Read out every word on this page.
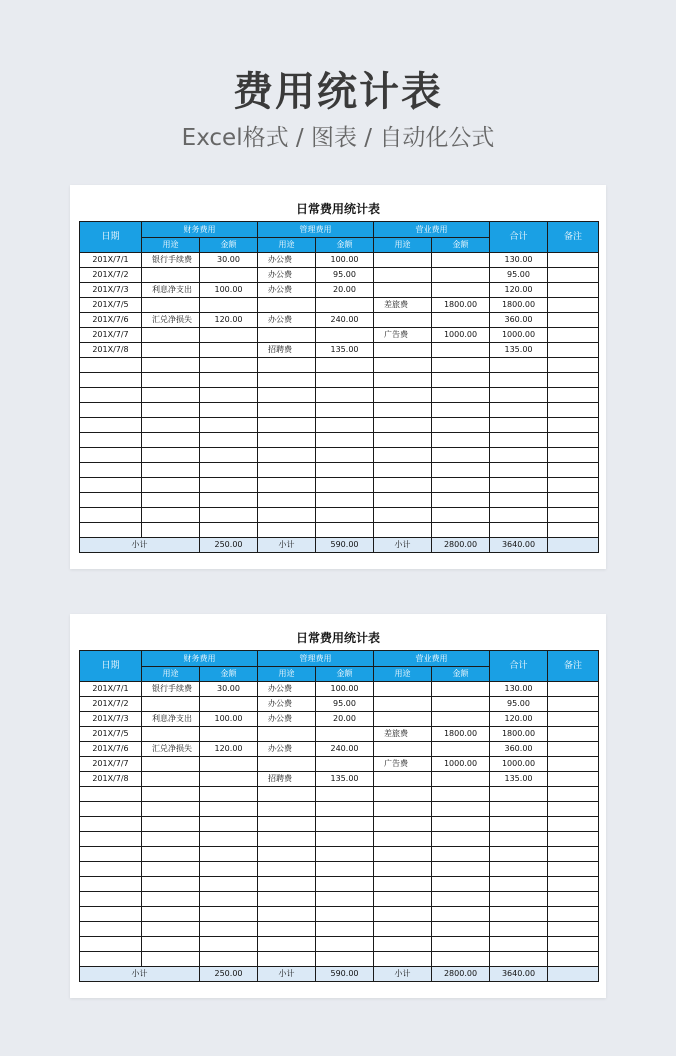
费用统计表
Excel格式 / 图表 / 自动化公式
日常费用统计表
日期	财务费用		管理费用		营业费用		合计	备注
	用途	金额	用途	金额	用途	金额		
201X/7/1	银行手续费	30.00	办公费	100.00			130.00	
201X/7/2			办公费	95.00			95.00	
201X/7/3	利息净支出	100.00	办公费	20.00			120.00	
201X/7/5					差旅费	1800.00	1800.00	
201X/7/6	汇兑净损失	120.00	办公费	240.00			360.00	
201X/7/7					广告费	1000.00	1000.00	
201X/7/8			招聘费	135.00			135.00	

小计		250.00	小计	590.00	小计	2800.00	3640.00	
日常费用统计表
日期	财务费用		管理费用		营业费用		合计	备注
	用途	金额	用途	金额	用途	金额		
201X/7/1	银行手续费	30.00	办公费	100.00			130.00	
201X/7/2			办公费	95.00			95.00	
201X/7/3	利息净支出	100.00	办公费	20.00			120.00	
201X/7/5					差旅费	1800.00	1800.00	
201X/7/6	汇兑净损失	120.00	办公费	240.00			360.00	
201X/7/7					广告费	1000.00	1000.00	
201X/7/8			招聘费	135.00			135.00	

小计		250.00	小计	590.00	小计	2800.00	3640.00	
